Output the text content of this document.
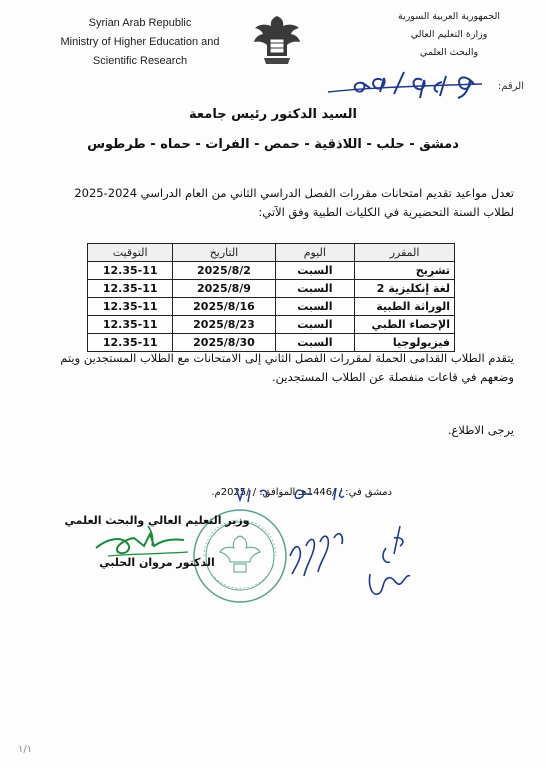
Syrian Arab Republic
Ministry of Higher Education and
Scientific Research
الجمهورية العربية السورية
وزارة التعليم العالي
والبحث العلمي
الرقم:
السيد الدكتور رئيس جامعة
دمشق - حلب - اللاذقية - حمص - الفرات - حماه - طرطوس
تعدل مواعيد تقديم امتحانات مقررات الفصل الدراسي الثاني من العام الدراسي 2024-2025
لطلاب السنة التحضيرية في الكليات الطبية وفق الآتي:
المقرر	اليوم	التاريخ	التوقيت
تشريح	السبت	2025/8/2	12.35-11
لغة إنكليزية 2	السبت	2025/8/9	12.35-11
الوراثة الطبية	السبت	2025/8/16	12.35-11
الإحصاء الطبي	السبت	2025/8/23	12.35-11
فيزيولوجيا	السبت	2025/8/30	12.35-11
يتقدم الطلاب القدامى الحملة لمقررات الفصل الثاني إلى الامتحانات مع الطلاب المستجدين ويتم
وضعهم في قاعات منفصلة عن الطلاب المستجدين.
يرجى الاطلاع.
دمشق في: / /1446هـ الموافق: / /2025م.
وزير التعليم العالي والبحث العلمي
الدكتور مروان الحلبي
١/١
